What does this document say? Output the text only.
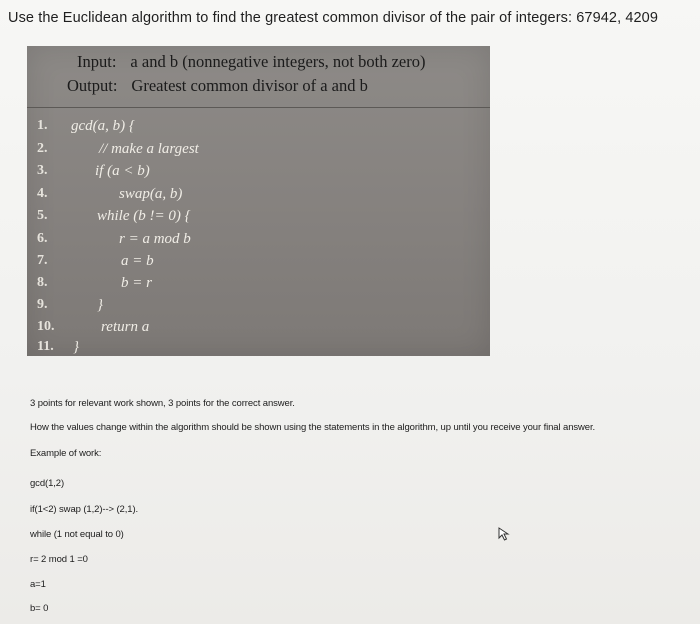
Use the Euclidean algorithm to find the greatest common divisor of the pair of integers: 67942, 4209
Input: a and b (nonnegative integers, not both zero)
Output: Greatest common divisor of a and b
1.	gcd(a, b) {
2.	// make a largest
3.	if (a < b)
4.	swap(a, b)
5.	while (b != 0) {
6.	r = a mod b
7.	a = b
8.	b = r
9.	}
10.	return a
11.	}
3 points for relevant work shown, 3 points for the correct answer.
How the values change within the algorithm should be shown using the statements in the algorithm, up until you receive your final answer.
Example of work:
gcd(1,2)
if(1<2) swap (1,2)--> (2,1).
while (1 not equal to 0)
r= 2 mod 1 =0
a=1
b= 0
